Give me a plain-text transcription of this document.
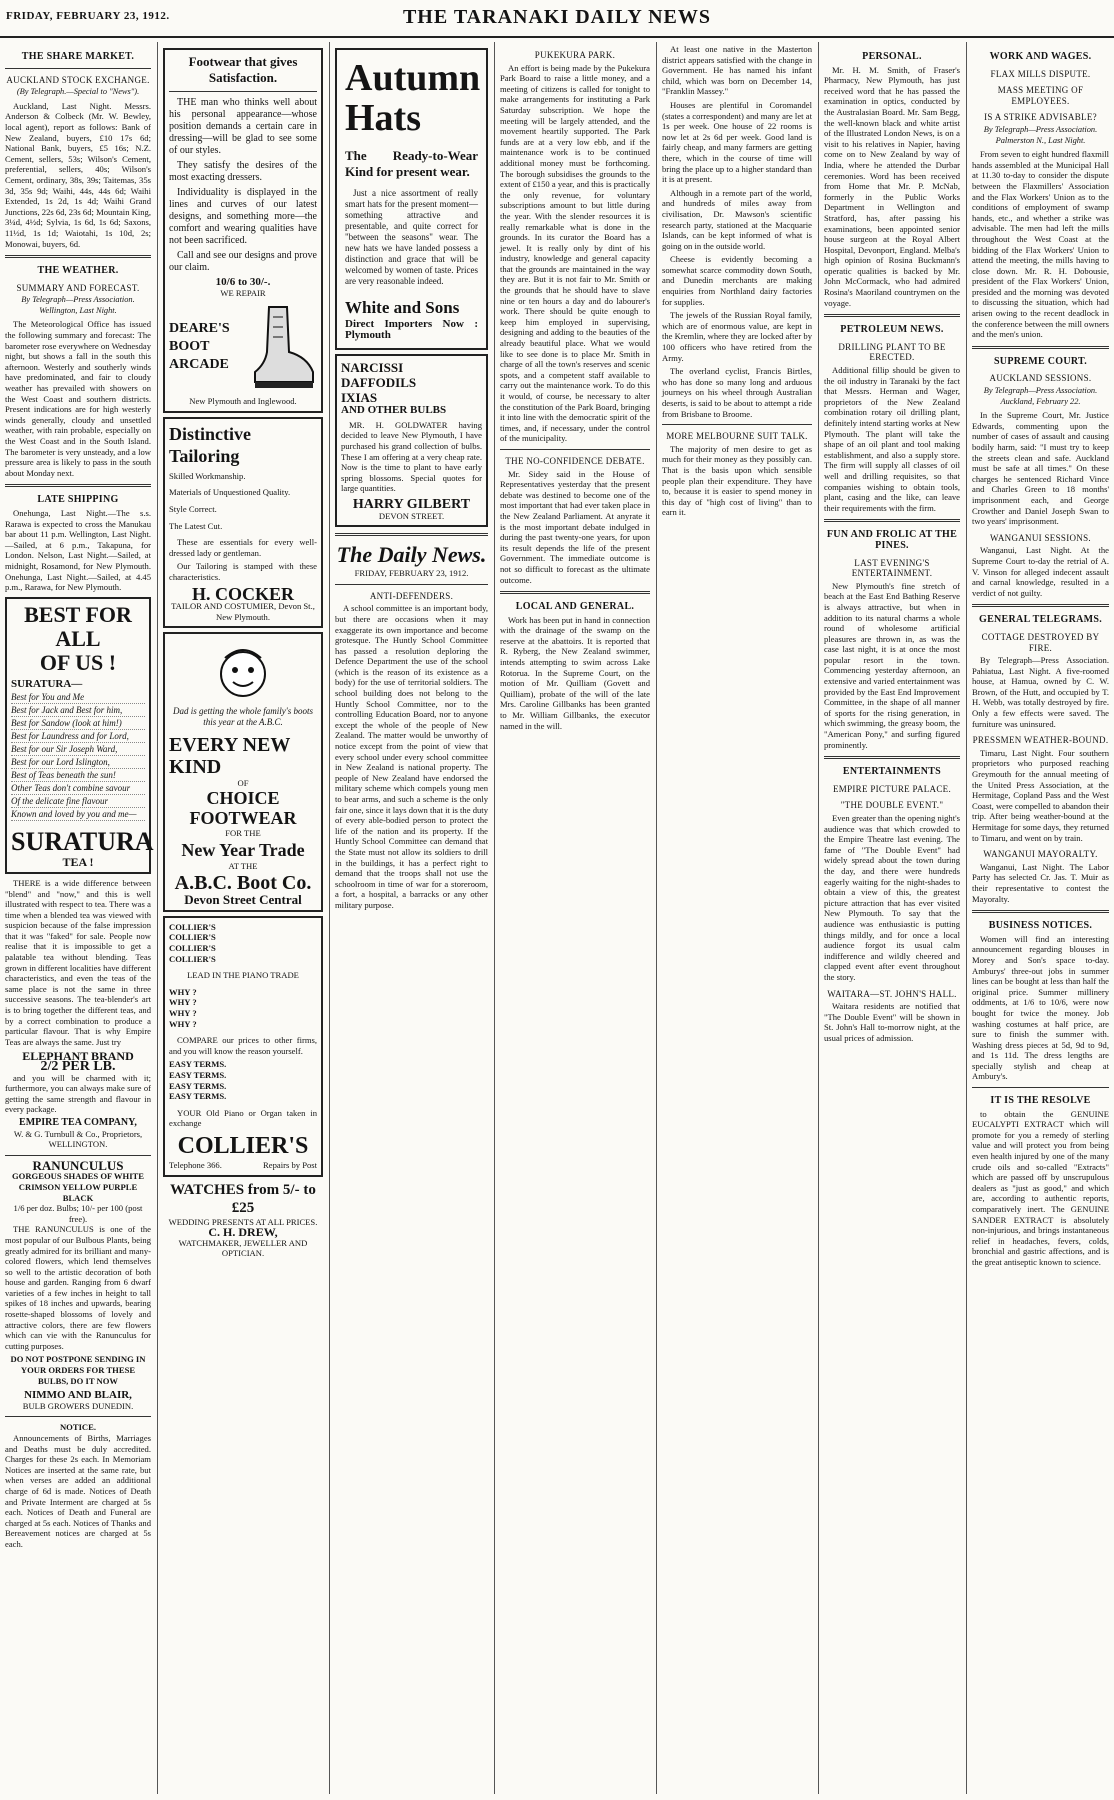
FRIDAY, FEBRUARY 23, 1912.	THE TARANAKI DAILY NEWS
THE SHARE MARKET.
AUCKLAND STOCK EXCHANGE.
(By Telegraph.—Special to "News").

Auckland, Last Night. Messrs. Anderson & Colbeck (Mr. W. Bewley, local agent), report as follows: Bank of New Zealand, buyers, £10 17s 6d; National Bank, buyers, £5 16s; N.Z. Cement, sellers, 53s; Wilson's Cement, preferential, sellers, 40s; Wilson's Cement, ordinary, 38s, 39s; Taitemas, 35s 3d, 35s 9d; Waihi, 44s, 44s 6d; Waihi Extended, 1s 2d, 1s 4d; Waihi Grand Junctions, 22s 6d, 23s 6d; Mountain King, 3¼d, 4½d; Sylvia, 1s 6d, 1s 6d; Saxons, 11½d, 1s 1d; Waiotahi, 1s 10d, 2s; Monowai, buyers, 6d.

THE WEATHER.
SUMMARY AND FORECAST.
By Telegraph—Press Association. Wellington, Last Night.

The Meteorological Office has issued the following summary and forecast: The barometer rose everywhere on Wednesday night, but shows a fall in the south this afternoon. Westerly and southerly winds have predominated, and fair to cloudy weather has prevailed with showers on the West Coast and southern districts. Present indications are for high westerly winds generally, cloudy and unsettled weather, with rain probable, especially on the West Coast and in the South Island. The barometer is very unsteady, and a low pressure area is likely to pass in the south about Monday next.

LATE SHIPPING

Onehunga, Last Night.—The s.s. Rarawa is expected to cross the Manukau bar about 11 p.m. Wellington, Last Night.—Sailed, at 6 p.m., Takapuna, for London. Nelson, Last Night.—Sailed, at midnight, Rosamond, for New Plymouth. Onehunga, Last Night.—Sailed, at 4.45 p.m., Rarawa, for New Plymouth.

BEST FOR ALL
OF US !
SURATURA—
Best for You and Me
Best for Jack and Best for him,
Best for Sandow (look at him!)
Best for Laundress and for Lord,
Best for our Sir Joseph Ward,
Best for our Lord Islington,
Best of Teas beneath the sun!
Other Teas don't combine savour
Of the delicate fine flavour
Known and loved by you and me—
SURATURA
TEA !

THERE is a wide difference between "blend" and "now," and this is well illustrated with respect to tea. There was a time when a blended tea was viewed with suspicion because of the false impression that it was "faked" for sale. People now realise that it is impossible to get a palatable tea without blending. Teas grown in different localities have different characteristics, and even the teas of the same place is not the same in three successive seasons. The tea-blender's art is to bring together the different teas, and by a correct combination to produce a particular flavour. That is why Empire Teas are always the same. Just try

ELEPHANT BRAND
2/2 PER LB.

and you will be charmed with it; furthermore, you can always make sure of getting the same strength and flavour in every package.

EMPIRE TEA COMPANY,
W. & G. Turnbull & Co., Proprietors, WELLINGTON.
RANUNCULUS
GORGEOUS SHADES OF WHITE CRIMSON YELLOW PURPLE BLACK
1/6 per doz. Bulbs; 10/- per 100 (post free).

THE RANUNCULUS is one of the most popular of our Bulbous Plants, being greatly admired for its brilliant and many-colored flowers, which lend themselves so well to the artistic decoration of both house and garden. Ranging from 6 dwarf varieties of a few inches in height to tall spikes of 18 inches and upwards, bearing rosette-shaped blossoms of lovely and attractive colors, there are few flowers which can vie with the Ranunculus for cutting purposes.

DO NOT POSTPONE SENDING IN YOUR ORDERS FOR THESE BULBS, DO IT NOW
NIMMO AND BLAIR,
BULB GROWERS DUNEDIN.
NOTICE.

Announcements of Births, Marriages and Deaths must be duly accredited. Charges for these 2s each. In Memoriam Notices are inserted at the same rate, but when verses are added an additional charge of 6d is made. Notices of Death and Private Interment are charged at 5s each. Notices of Death and Funeral are charged at 5s each. Notices of Thanks and Bereavement notices are charged at 5s each.

Footwear that gives Satisfaction.

THE man who thinks well about his personal appearance—whose position demands a certain care in dressing—will be glad to see some of our styles.

They satisfy the desires of the most exacting dressers.

Individuality is displayed in the lines and curves of our latest designs, and something more—the comfort and wearing qualities have not been sacrificed.

Call and see our designs and prove our claim.

10/6 to 30/-.
WE REPAIR
DEARE'S
BOOT
ARCADE
New Plymouth and Inglewood.
Distinctive
Tailoring

Skilled Workmanship.

Materials of Unquestioned Quality.

Style Correct.

The Latest Cut.

These are essentials for every well-dressed lady or gentleman.

Our Tailoring is stamped with these characteristics.

H. COCKER
TAILOR AND COSTUMIER, Devon St., New Plymouth.
Dad is getting the whole family's boots this year at the A.B.C.
EVERY NEW
KIND
OF
CHOICE
FOOTWEAR
FOR THE
New Year Trade
AT THE
A.B.C. Boot Co.
Devon Street Central
COLLIER'S
COLLIER'S
COLLIER'S
COLLIER'S
LEAD IN THE PIANO TRADE
WHY ?
WHY ?
WHY ?
WHY ?

COMPARE our prices to other firms, and you will know the reason yourself.

EASY TERMS.
EASY TERMS.
EASY TERMS.
EASY TERMS.

YOUR Old Piano or Organ taken in exchange

COLLIER'S
Telephone 366.	Repairs by Post
WATCHES from 5/- to £25
WEDDING PRESENTS AT ALL PRICES.
C. H. DREW,
WATCHMAKER, JEWELLER AND OPTICIAN.
Autumn
Hats
The Ready-to-Wear Kind for present wear.

Just a nice assortment of really smart hats for the present moment—something attractive and presentable, and quite correct for "between the seasons" wear. The new hats we have landed possess a distinction and grace that will be welcomed by women of taste. Prices are very reasonable indeed.

White and Sons
Direct Importers Now : Plymouth
NARCISSI
DAFFODILS
IXIAS
AND OTHER BULBS

MR. H. GOLDWATER having decided to leave New Plymouth, I have purchased his grand collection of bulbs. These I am offering at a very cheap rate. Now is the time to plant to have early spring blossoms. Special quotes for large quantities.

HARRY GILBERT
DEVON STREET.
The Daily News.
FRIDAY, FEBRUARY 23, 1912.
ANTI-DEFENDERS.

A school committee is an important body, but there are occasions when it may exaggerate its own importance and become grotesque. The Huntly School Committee has passed a resolution deploring the Defence Department the use of the school (which is the reason of its existence as a body) for the use of territorial soldiers. The school building does not belong to the Huntly School Committee, nor to the controlling Education Board, nor to anyone except the whole of the people of New Zealand. The matter would be unworthy of notice except from the point of view that every school under every school committee in New Zealand is national property. The people of New Zealand have endorsed the military scheme which compels young men to bear arms, and such a scheme is the only fair one, since it lays down that it is the duty of every able-bodied person to protect the life of the nation and its property. If the Huntly School Committee can demand that the State must not allow its soldiers to drill in the buildings, it has a perfect right to demand that the troops shall not use the schoolroom in time of war for a storeroom, a fort, a hospital, a barracks or any other military purpose.

PUKEKURA PARK.

An effort is being made by the Pukekura Park Board to raise a little money, and a meeting of citizens is called for tonight to make arrangements for instituting a Park Saturday subscription. We hope the meeting will be largely attended, and the movement heartily supported. The Park funds are at a very low ebb, and if the maintenance work is to be continued additional money must be forthcoming. The borough subsidises the grounds to the extent of £150 a year, and this is practically the only revenue, for voluntary subscriptions amount to but little during the year. With the slender resources it is really remarkable what is done in the grounds. In its curator the Board has a jewel. It is really only by dint of his industry, knowledge and general capacity that the grounds are maintained in the way they are. But it is not fair to Mr. Smith or the grounds that he should have to slave nine or ten hours a day and do labourer's work. There should be quite enough to keep him employed in supervising, designing and adding to the beauties of the already beautiful place. What we would like to see done is to place Mr. Smith in charge of all the town's reserves and scenic spots, and a competent staff available to carry out the maintenance work. To do this it would, of course, be necessary to alter the constitution of the Park Board, bringing it into line with the democratic spirit of the times, and, if necessary, under the control of the municipality.

THE NO-CONFIDENCE DEBATE.

Mr. Sidey said in the House of Representatives yesterday that the present debate was destined to become one of the most important that had ever taken place in the New Zealand Parliament. At anyrate it is the most important debate indulged in during the past twenty-one years, for upon its result depends the life of the present Government. The immediate outcome is not so difficult to forecast as the ultimate outcome.

LOCAL AND GENERAL.

Work has been put in hand in connection with the drainage of the swamp on the reserve at the abattoirs. It is reported that R. Ryberg, the New Zealand swimmer, intends attempting to swim across Lake Rotorua. In the Supreme Court, on the motion of Mr. Quilliam (Govett and Quilliam), probate of the will of the late Mrs. Caroline Gillbanks has been granted to Mr. William Gillbanks, the executor named in the will.

At least one native in the Masterton district appears satisfied with the change in Government. He has named his infant child, which was born on December 14, "Franklin Massey."

Houses are plentiful in Coromandel (states a correspondent) and many are let at 1s per week. One house of 22 rooms is now let at 2s 6d per week. Good land is fairly cheap, and many farmers are getting there, which in the course of time will bring the place up to a higher standard than it is at present.

Although in a remote part of the world, and hundreds of miles away from civilisation, Dr. Mawson's scientific research party, stationed at the Macquarie Islands, can be kept informed of what is going on in the outside world.

Cheese is evidently becoming a somewhat scarce commodity down South, and Dunedin merchants are making enquiries from Northland dairy factories for supplies.

The jewels of the Russian Royal family, which are of enormous value, are kept in the Kremlin, where they are locked after by 100 officers who have retired from the Army.

The overland cyclist, Francis Birtles, who has done so many long and arduous journeys on his wheel through Australian deserts, is said to be about to attempt a ride from Brisbane to Broome.

MORE MELBOURNE SUIT TALK.

The majority of men desire to get as much for their money as they possibly can. That is the basis upon which sensible people plan their expenditure. They have to, because it is easier to spend money in this day of "high cost of living" than to earn it.

PERSONAL.

Mr. H. M. Smith, of Fraser's Pharmacy, New Plymouth, has just received word that he has passed the examination in optics, conducted by the Australasian Board. Mr. Sam Begg, the well-known black and white artist of the Illustrated London News, is on a visit to his relatives in Napier, having come on to New Zealand by way of India, where he attended the Durbar ceremonies. Word has been received from Home that Mr. P. McNab, formerly in the Public Works Department in Wellington and Stratford, has, after passing his examinations, been appointed senior house surgeon at the Royal Albert Hospital, Devonport, England. Melba's high opinion of Rosina Buckmann's operatic qualities is backed by Mr. John McCormack, who had admired Rosina's Maoriland countrymen on the voyage.

PETROLEUM NEWS.
DRILLING PLANT TO BE ERECTED.

Additional fillip should be given to the oil industry in Taranaki by the fact that Messrs. Herman and Wager, proprietors of the New Zealand combination rotary oil drilling plant, definitely intend starting works at New Plymouth. The plant will take the shape of an oil plant and tool making establishment, and also a supply store. The firm will supply all classes of oil well and drilling requisites, so that companies wishing to obtain tools, plant, casing and the like, can leave their requirements with the firm.

FUN AND FROLIC AT THE PINES.
LAST EVENING'S ENTERTAINMENT.

New Plymouth's fine stretch of beach at the East End Bathing Reserve is always attractive, but when in addition to its natural charms a whole round of wholesome artificial pleasures are thrown in, as was the case last night, it is at once the most popular resort in the town. Commencing yesterday afternoon, an extensive and varied entertainment was provided by the East End Improvement Committee, in the shape of all manner of sports for the rising generation, in which swimming, the greasy boom, the "American Pony," and surfing figured prominently.

ENTERTAINMENTS
EMPIRE PICTURE PALACE.
"THE DOUBLE EVENT."

Even greater than the opening night's audience was that which crowded to the Empire Theatre last evening. The fame of "The Double Event" had widely spread about the town during the day, and there were hundreds eagerly waiting for the night-shades to obtain a view of this, the greatest picture attraction that has ever visited New Plymouth. To say that the audience was enthusiastic is putting things mildly, and for once a local audience forgot its usual calm indifference and wildly cheered and clapped event after event throughout the story.

WAITARA—ST. JOHN'S HALL.

Waitara residents are notified that "The Double Event" will be shown in St. John's Hall to-morrow night, at the usual prices of admission.

WORK AND WAGES.
FLAX MILLS DISPUTE.
MASS MEETING OF EMPLOYEES.
IS A STRIKE ADVISABLE?
By Telegraph—Press Association. Palmerston N., Last Night.

From seven to eight hundred flaxmill hands assembled at the Municipal Hall at 11.30 to-day to consider the dispute between the Flaxmillers' Association and the Flax Workers' Union as to the conditions of employment of swamp hands, etc., and whether a strike was advisable. The men had left the mills throughout the West Coast at the bidding of the Flax Workers' Union to attend the meeting, the mills having to close down. Mr. R. H. Dobousie, president of the Flax Workers' Union, presided and the morning was devoted to discussing the situation, which had arisen owing to the recent deadlock in the conference between the mill owners and the men's union.

SUPREME COURT.
AUCKLAND SESSIONS.
By Telegraph—Press Association. Auckland, February 22.

In the Supreme Court, Mr. Justice Edwards, commenting upon the number of cases of assault and causing bodily harm, said: "I must try to keep the streets clean and safe. Auckland must be safe at all times." On these charges he sentenced Richard Vince and Charles Green to 18 months' imprisonment each, and George Crowther and Daniel Joseph Swan to two years' imprisonment.

WANGANUI SESSIONS.

Wanganui, Last Night. At the Supreme Court to-day the retrial of A. V. Vinson for alleged indecent assault and carnal knowledge, resulted in a verdict of not guilty.

GENERAL TELEGRAMS.
COTTAGE DESTROYED BY FIRE.

By Telegraph—Press Association. Pahiatua, Last Night. A five-roomed house, at Hamua, owned by C. W. Brown, of the Hutt, and occupied by T. H. Webb, was totally destroyed by fire. Only a few effects were saved. The furniture was uninsured.

PRESSMEN WEATHER-BOUND.

Timaru, Last Night. Four southern proprietors who purposed reaching Greymouth for the annual meeting of the United Press Association, at the Hermitage, Copland Pass and the West Coast, were compelled to abandon their trip. After being weather-bound at the Hermitage for some days, they returned to Timaru, and went on by train.

WANGANUI MAYORALTY.

Wanganui, Last Night. The Labor Party has selected Cr. Jas. T. Muir as their representative to contest the Mayoralty.

BUSINESS NOTICES.

Women will find an interesting announcement regarding blouses in Morey and Son's space to-day. Amburys' three-out jobs in summer lines can be bought at less than half the original price. Summer millinery oddments, at 1/6 to 10/6, were now bought for twice the money. Job washing costumes at half price, are sure to finish the summer with. Washing dress pieces at 5d, 9d to 9d, and 1s 11d. The dress lengths are specially stylish and cheap at Ambury's.

IT IS THE RESOLVE

to obtain the GENUINE EUCALYPTI EXTRACT which will promote for you a remedy of sterling value and will protect you from being even health injured by one of the many crude oils and so-called "Extracts" which are passed off by unscrupulous dealers as "just as good," and which are, according to authentic reports, comparatively inert. The GENUINE SANDER EXTRACT is absolutely non-injurious, and brings instantaneous relief in headaches, fevers, colds, bronchial and gastric affections, and is the great antiseptic known to science.
